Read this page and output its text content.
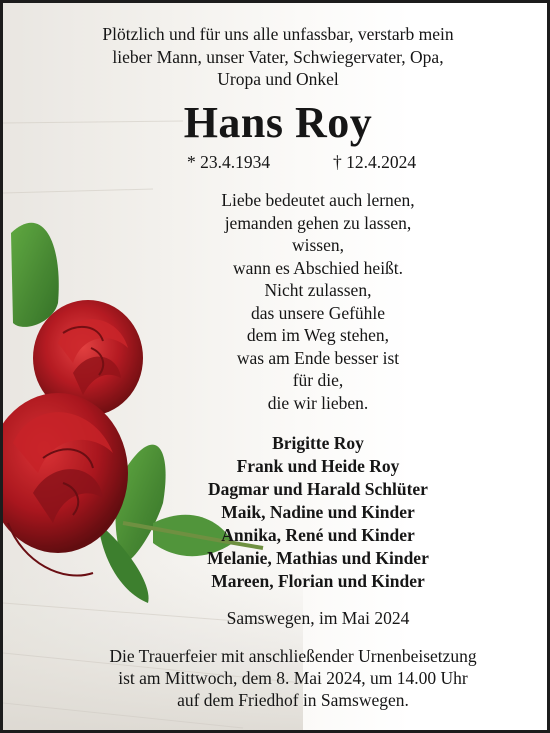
Plötzlich und für uns alle unfassbar, verstarb mein
lieber Mann, unser Vater, Schwiegervater, Opa,
Uropa und Onkel
Hans Roy
* 23.4.1934	† 12.4.2024
Liebe bedeutet auch lernen,
jemanden gehen zu lassen,
wissen,
wann es Abschied heißt.
Nicht zulassen,
das unsere Gefühle
dem im Weg stehen,
was am Ende besser ist
für die,
die wir lieben.
Brigitte Roy
Frank und Heide Roy
Dagmar und Harald Schlüter
Maik, Nadine und Kinder
Annika, René und Kinder
Melanie, Mathias und Kinder
Mareen, Florian und Kinder
Samswegen, im Mai 2024
Die Trauerfeier mit anschließender Urnenbeisetzung
ist am Mittwoch, dem 8. Mai 2024, um 14.00 Uhr
auf dem Friedhof in Samswegen.
